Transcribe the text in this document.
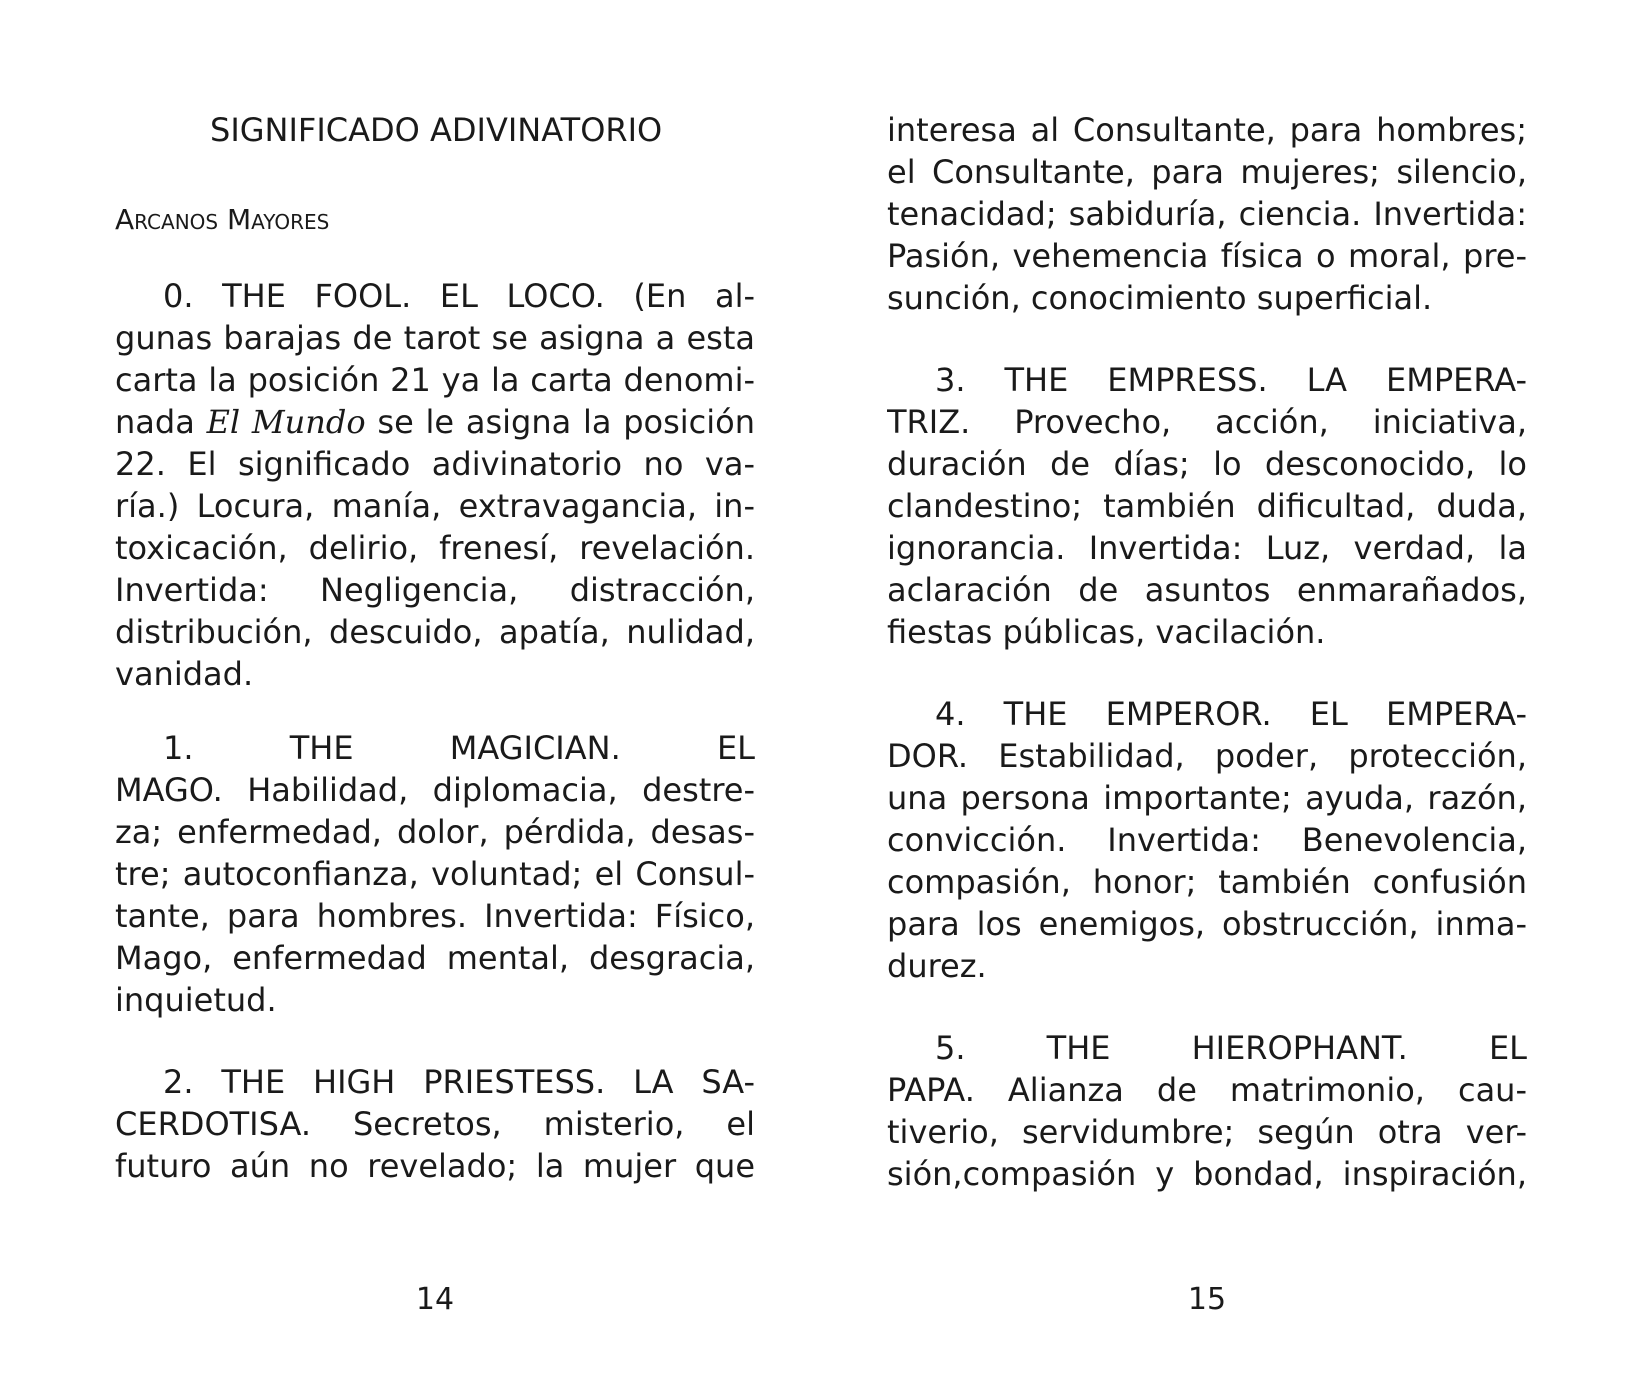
SIGNIFICADO ADIVINATORIO
Arcanos Mayores
0. THE FOOL. EL LOCO. (En al-
gunas barajas de tarot se asigna a esta
carta la posición 21 ya la carta denomi-
nada El Mundo se le asigna la posición
22. El significado adivinatorio no va-
ría.) Locura, manía, extravagancia, in-
toxicación, delirio, frenesí, revelación.
Invertida: Negligencia, distracción,
distribución, descuido, apatía, nulidad,
vanidad.
1. THE MAGICIAN. EL
MAGO. Habilidad, diplomacia, destre-
za; enfermedad, dolor, pérdida, desas-
tre; autoconfianza, voluntad; el Consul-
tante, para hombres. Invertida: Físico,
Mago, enfermedad mental, desgracia,
inquietud.
2. THE HIGH PRIESTESS. LA SA-
CERDOTISA. Secretos, misterio, el
futuro aún no revelado; la mujer que
14
interesa al Consultante, para hombres;
el Consultante, para mujeres; silencio,
tenacidad; sabiduría, ciencia. Invertida:
Pasión, vehemencia física o moral, pre-
sunción, conocimiento superficial.
3. THE EMPRESS. LA EMPERA-
TRIZ. Provecho, acción, iniciativa,
duración de días; lo desconocido, lo
clandestino; también dificultad, duda,
ignorancia. Invertida: Luz, verdad, la
aclaración de asuntos enmarañados,
fiestas públicas, vacilación.
4. THE EMPEROR. EL EMPERA-
DOR. Estabilidad, poder, protección,
una persona importante; ayuda, razón,
convicción. Invertida: Benevolencia,
compasión, honor; también confusión
para los enemigos, obstrucción, inma-
durez.
5. THE HIEROPHANT. EL
PAPA. Alianza de matrimonio, cau-
tiverio, servidumbre; según otra ver-
sión,compasión y bondad, inspiración,
15
